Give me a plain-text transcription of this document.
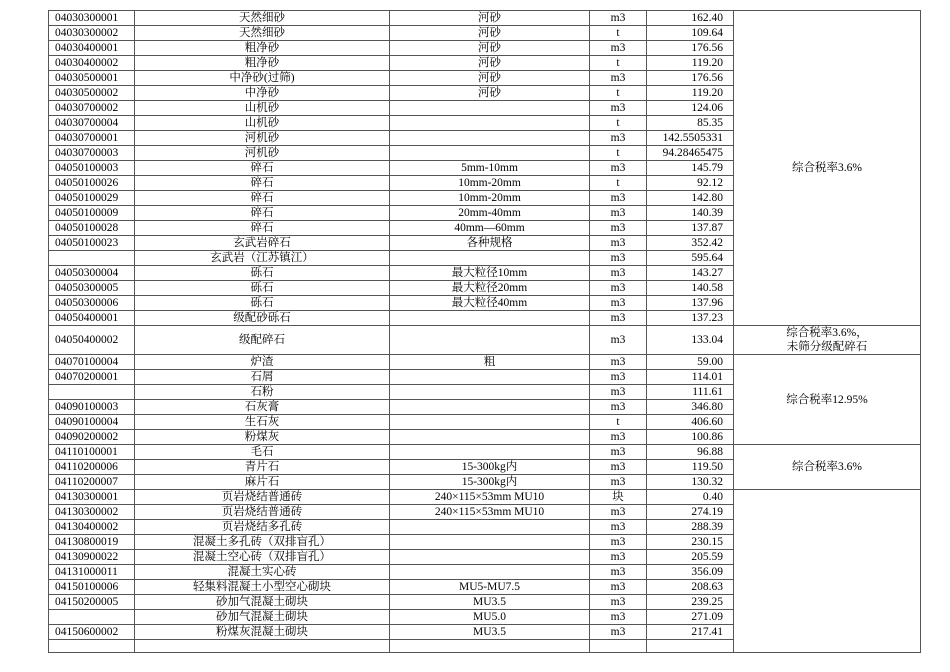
04030300001	天然细砂	河砂	m3	162.40	综合税率3.6%

04030300002	天然细砂	河砂	t	109.64	
04030400001	粗净砂	河砂	m3	176.56	
04030400002	粗净砂	河砂	t	119.20	
04030500001	中净砂(过筛)	河砂	m3	176.56	
04030500002	中净砂	河砂	t	119.20	
04030700002	山机砂		m3	124.06	
04030700004	山机砂		t	85.35	
04030700001	河机砂		m3	142.5505331	
04030700003	河机砂		t	94.28465475	
04050100003	碎石	5mm-10mm	m3	145.79	
04050100026	碎石	10mm-20mm	t	92.12	
04050100029	碎石	10mm-20mm	m3	142.80	
04050100009	碎石	20mm-40mm	m3	140.39	
04050100028	碎石	40mm—60mm	m3	137.87	
04050100023	玄武岩碎石	各种规格	m3	352.42	
	玄武岩（江苏镇江）		m3	595.64	
04050300004	砾石	最大粒径10mm	m3	143.27	
04050300005	砾石	最大粒径20mm	m3	140.58	
04050300006	砾石	最大粒径40mm	m3	137.96	
04050400001	级配砂砾石		m3	137.23	
04050400002	级配碎石		m3	133.04	综合税率3.6%，
未筛分级配碎石

04070100004	炉渣	粗	m3	59.00	综合税率12.95%

04070200001	石屑		m3	114.01	
	石粉		m3	111.61	
04090100003	石灰膏		m3	346.80	
04090100004	生石灰		t	406.60	
04090200002	粉煤灰		m3	100.86	
04110100001	毛石		m3	96.88	综合税率3.6%

04110200006	青片石	15-300kg内	m3	119.50	
04110200007	麻片石	15-300kg内	m3	130.32	
04130300001	页岩烧结普通砖	240×115×53mm MU10	块	0.40	
04130300002	页岩烧结普通砖	240×115×53mm MU10	m3	274.19	
04130400002	页岩烧结多孔砖		m3	288.39	
04130800019	混凝土多孔砖（双排盲孔）		m3	230.15	
04130900022	混凝土空心砖（双排盲孔）		m3	205.59	
04131000011	混凝土实心砖		m3	356.09	
04150100006	轻集料混凝土小型空心砌块	MU5-MU7.5	m3	208.63	
04150200005	砂加气混凝土砌块	MU3.5	m3	239.25	
	砂加气混凝土砌块	MU5.0	m3	271.09	
04150600002	粉煤灰混凝土砌块	MU3.5	m3	217.41	
